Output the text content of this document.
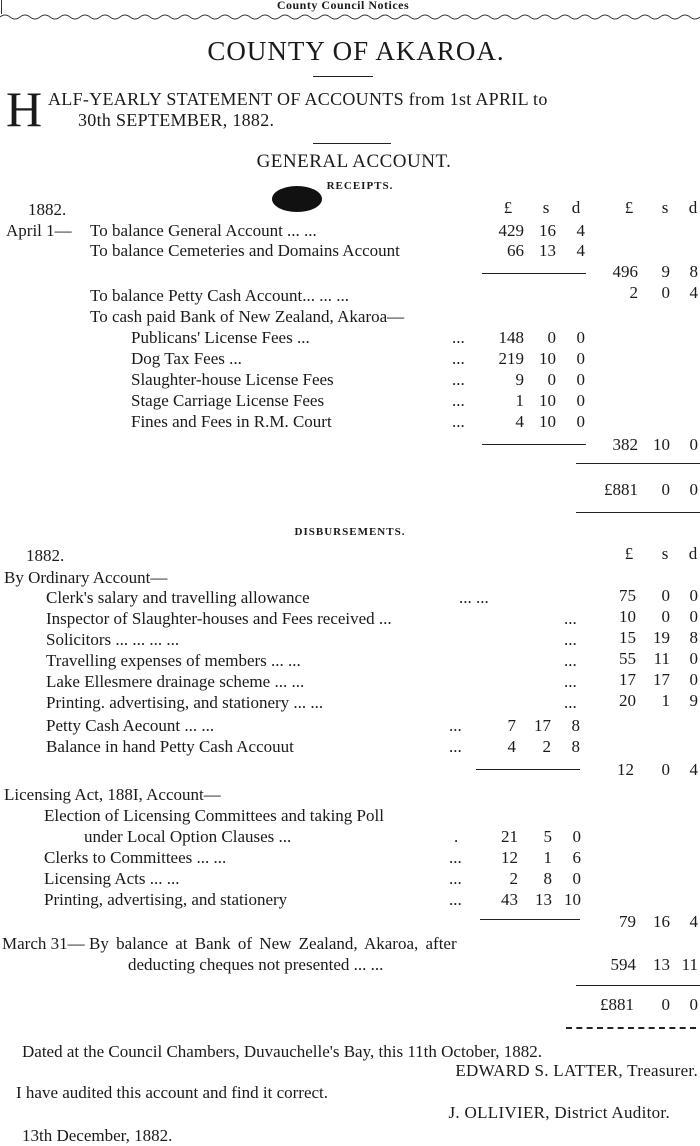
County Council Notices
COUNTY OF AKAROA.
H ALF-YEARLY STATEMENT OF ACCOUNTS from 1st APRIL to
30th SEPTEMBER, 1882.
GENERAL ACCOUNT.
RECEIPTS.
1882.	£ s d	£ s d
April 1— To balance General Account ... ...	429 16 4
To balance Cemeteries and Domains Account	66 13 4
496 9 8
To balance Petty Cash Account... ... ...	2 0 4
To cash paid Bank of New Zealand, Akaroa—
Publicans' License Fees ...	... 148 0 0
Dog Tax Fees ...	... 219 10 0
Slaughter-house License Fees	...	9 0 0
Stage Carriage License Fees	...	1 10 0
Fines and Fees in R.M. Court	...	4 10 0
382 10 0
£881 0 0
DISBURSEMENTS.
1882.	£ s d
By Ordinary Account—
Clerk's salary and travelling allowance	... ...	75 0 0
Inspector of Slaughter-houses and Fees received ...	... 10 0 0
Solicitors ... ... ... ...	... 15 19 8
Travelling expenses of members ... ...	... 55 11 0
Lake Ellesmere drainage scheme ... ...	... 17 17 0
Printing. advertising, and stationery ... ...	... 20 1 9
Petty Cash Aecount ... ...	...	7 17 8
Balance in hand Petty Cash Accouut	...	4 2 8
12 0 4
Licensing Act, 188I, Account—
Election of Licensing Committees and taking Poll
under Local Option Clauses ...	.	21 5 0
Clerks to Committees ... ...	... 12 1 6
Licensing Acts ... ...	...	2 8 0
Printing, advertising, and stationery	... 43 13 10
79 16 4
March 31— By balance at Bank of New Zealand, Akaroa, after
deducting cheques not presented ... ...	594 13 11
£881 0 0
Dated at the Council Chambers, Duvauchelle's Bay, this 11th October, 1882.
EDWARD S. LATTER, Treasurer.
I have audited this account and find it correct.
J. OLLIVIER, District Auditor.
13th December, 1882.
